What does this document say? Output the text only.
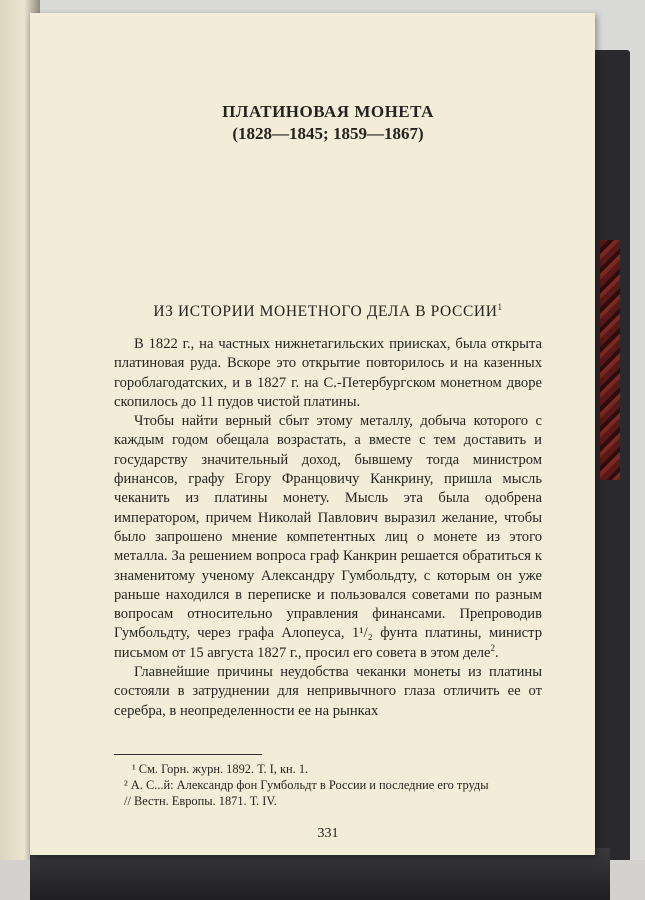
ПЛАТИНОВАЯ МОНЕТА
(1828—1845; 1859—1867)
ИЗ ИСТОРИИ МОНЕТНОГО ДЕЛА В РОССИИ$^1$

В 1822 г., на частных нижнетагильских приисках, была открыта платиновая руда. Вскоре это открытие повторилось и на казенных гороблагодатских, и в 1827 г. на С.-Петербургском монетном дворе скопилось до 11 пудов чистой платины.

Чтобы найти верный сбыт этому металлу, добыча которого с каждым годом обещала возрастать, а вместе с тем доставить и государству значительный доход, бывшему тогда министром финансов, графу Егору Францовичу Канкрину, пришла мысль чеканить из платины монету. Мысль эта была одобрена императором, причем Николай Павлович выразил желание, чтобы было запрошено мнение компетентных лиц о монете из этого металла. За решением вопроса граф Канкрин решается обратиться к знаменитому ученому Александру Гумбольдту, с которым он уже раньше находился в переписке и пользовался советами по разным вопросам относительно управления финансами. Препроводив Гумбольдту, через графа Алопеуса, 1¹/₂ фунта платины, министр письмом от 15 августа 1827 г., просил его совета в этом деле$^2$.

Главнейшие причины неудобства чеканки монеты из платины состояли в затруднении для непривычного глаза отличить ее от серебра, в неопределенности ее на рынках

¹ См. Горн. журн. 1892. Т. I, кн. 1.
² А. С...й: Александр фон Гумбольдт в России и последние его труды
// Вестн. Европы. 1871. Т. IV.
331
